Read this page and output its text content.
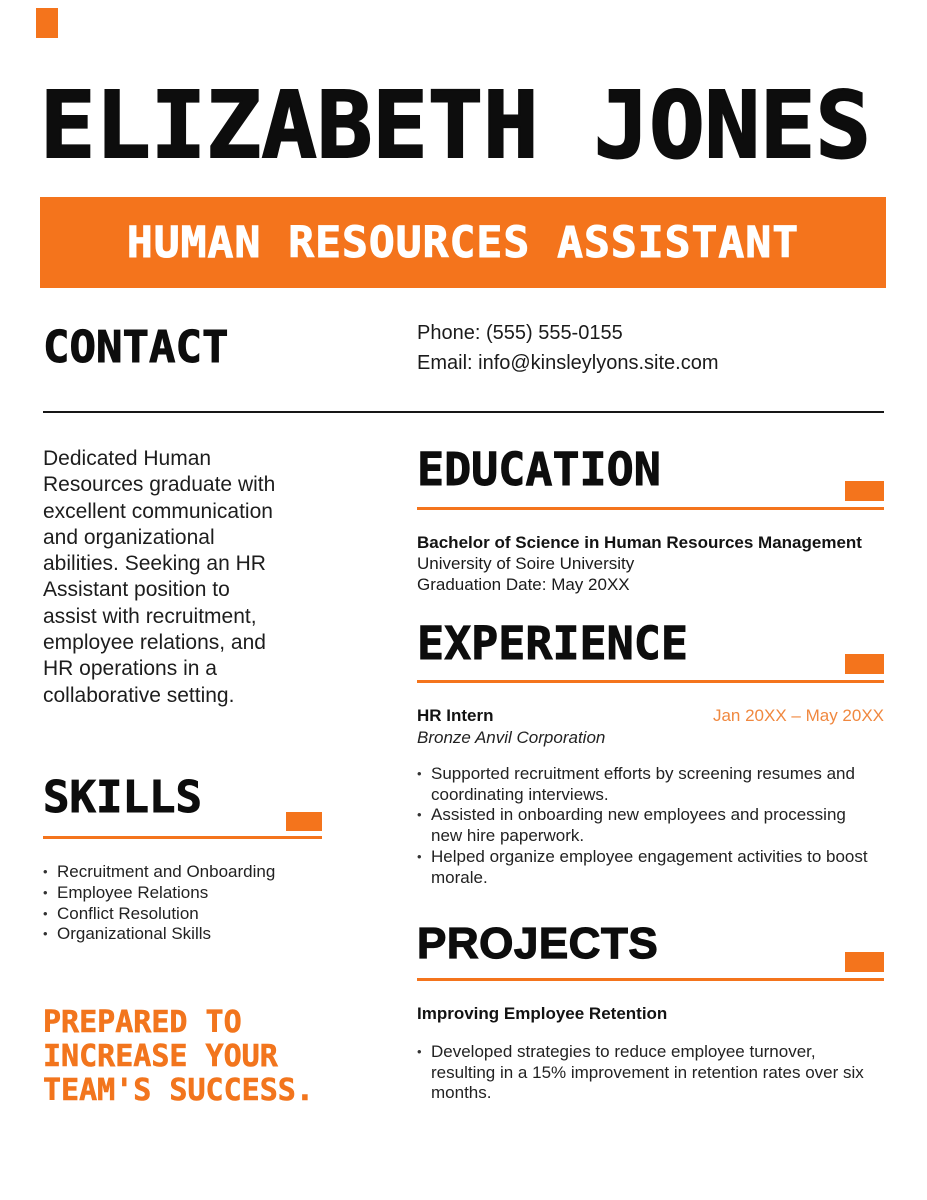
ELIZABETH JONES
HUMAN RESOURCES ASSISTANT
CONTACT	Phone: (555) 555-0155
Email: info@kinsleylyons.site.com
Dedicated Human Resources graduate with excellent communication and organizational abilities. Seeking an HR Assistant position to assist with recruitment, employee relations, and HR operations in a collaborative setting.
SKILLS
• Recruitment and Onboarding
• Employee Relations
• Conflict Resolution
• Organizational Skills
PREPARED TO
INCREASE YOUR
TEAM'S SUCCESS.
EDUCATION
Bachelor of Science in Human Resources Management
University of Soire University
Graduation Date: May 20XX
EXPERIENCE
HR Intern	Jan 20XX – May 20XX
Bronze Anvil Corporation
• Supported recruitment efforts by screening resumes and coordinating interviews.
• Assisted in onboarding new employees and processing new hire paperwork.
• Helped organize employee engagement activities to boost morale.
PROJECTS
Improving Employee Retention
• Developed strategies to reduce employee turnover, resulting in a 15% improvement in retention rates over six months.
